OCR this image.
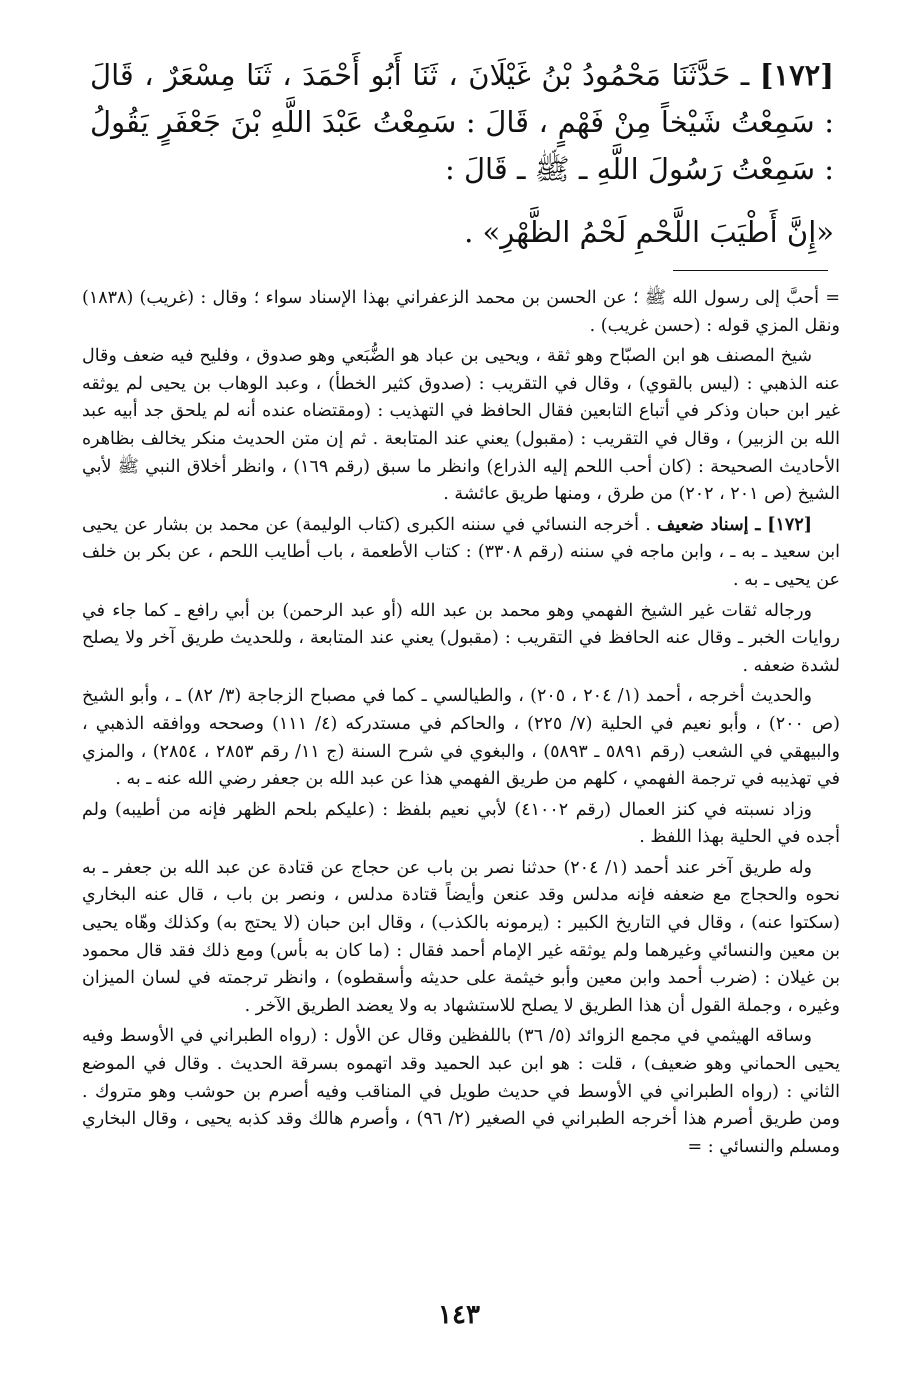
[١٧٢] ـ حَدَّثَنَا مَحْمُودُ بْنُ غَيْلَانَ ، ثَنَا أَبُو أَحْمَدَ ، ثَنَا مِسْعَرٌ ، قَالَ : سَمِعْتُ شَيْخاً مِنْ فَهْمٍ ، قَالَ : سَمِعْتُ عَبْدَ اللَّهِ بْنَ جَعْفَرٍ يَقُولُ : سَمِعْتُ رَسُولَ اللَّهِ ـ ﷺ ـ قَالَ :

«إِنَّ أَطْيَبَ اللَّحْمِ لَحْمُ الظَّهْرِ» .

= أحبَّ إلى رسول الله ﷺ ؛ عن الحسن بن محمد الزعفراني بهذا الإسناد سواء ؛ وقال : (غريب) (١٨٣٨) ونقل المزي قوله : (حسن غريب) .

شيخ المصنف هو ابن الصبّاح وهو ثقة ، ويحيى بن عباد هو الضُّبَعي وهو صدوق ، وفليح فيه ضعف وقال عنه الذهبي : (ليس بالقوي) ، وقال في التقريب : (صدوق كثير الخطأ) ، وعبد الوهاب بن يحيى لم يوثقه غير ابن حبان وذكر في أتباع التابعين فقال الحافظ في التهذيب : (ومقتضاه عنده أنه لم يلحق جد أبيه عبد الله بن الزبير) ، وقال في التقريب : (مقبول) يعني عند المتابعة . ثم إن متن الحديث منكر يخالف بظاهره الأحاديث الصحيحة : (كان أحب اللحم إليه الذراع) وانظر ما سبق (رقم ١٦٩) ، وانظر أخلاق النبي ﷺ لأبي الشيخ (ص ٢٠١ ، ٢٠٢) من طرق ، ومنها طريق عائشة .

[١٧٢] ـ إسناد ضعيف . أخرجه النسائي في سننه الكبرى (كتاب الوليمة) عن محمد بن بشار عن يحيى ابن سعيد ـ به ـ ، وابن ماجه في سننه (رقم ٣٣٠٨) : كتاب الأطعمة ، باب أطايب اللحم ، عن بكر بن خلف عن يحيى ـ به .

ورجاله ثقات غير الشيخ الفهمي وهو محمد بن عبد الله (أو عبد الرحمن) بن أبي رافع ـ كما جاء في روايات الخبر ـ وقال عنه الحافظ في التقريب : (مقبول) يعني عند المتابعة ، وللحديث طريق آخر ولا يصلح لشدة ضعفه .

والحديث أخرجه ، أحمد (١/ ٢٠٤ ، ٢٠٥) ، والطيالسي ـ كما في مصباح الزجاجة (٣/ ٨٢) ـ ، وأبو الشيخ (ص ٢٠٠) ، وأبو نعيم في الحلية (٧/ ٢٢٥) ، والحاكم في مستدركه (٤/ ١١١) وصححه ووافقه الذهبي ، والبيهقي في الشعب (رقم ٥٨٩١ ـ ٥٨٩٣) ، والبغوي في شرح السنة (ج ١١/ رقم ٢٨٥٣ ، ٢٨٥٤) ، والمزي في تهذيبه في ترجمة الفهمي ، كلهم من طريق الفهمي هذا عن عبد الله بن جعفر رضي الله عنه ـ به .

وزاد نسبته في كنز العمال (رقم ٤١٠٠٢) لأبي نعيم بلفظ : (عليكم بلحم الظهر فإنه من أطيبه) ولم أجده في الحلية بهذا اللفظ .

وله طريق آخر عند أحمد (١/ ٢٠٤) حدثنا نصر بن باب عن حجاج عن قتادة عن عبد الله بن جعفر ـ به نحوه والحجاج مع ضعفه فإنه مدلس وقد عنعن وأيضاً قتادة مدلس ، ونصر بن باب ، قال عنه البخاري (سكتوا عنه) ، وقال في التاريخ الكبير : (يرمونه بالكذب) ، وقال ابن حبان (لا يحتج به) وكذلك وهّاه يحيى بن معين والنسائي وغيرهما ولم يوثقه غير الإمام أحمد فقال : (ما كان به بأس) ومع ذلك فقد قال محمود بن غيلان : (ضرب أحمد وابن معين وأبو خيثمة على حديثه وأسقطوه) ، وانظر ترجمته في لسان الميزان وغيره ، وجملة القول أن هذا الطريق لا يصلح للاستشهاد به ولا يعضد الطريق الآخر .

وساقه الهيثمي في مجمع الزوائد (٥/ ٣٦) باللفظين وقال عن الأول : (رواه الطبراني في الأوسط وفيه يحيى الحماني وهو ضعيف) ، قلت : هو ابن عبد الحميد وقد اتهموه بسرقة الحديث . وقال في الموضع الثاني : (رواه الطبراني في الأوسط في حديث طويل في المناقب وفيه أصرم بن حوشب وهو متروك . ومن طريق أصرم هذا أخرجه الطبراني في الصغير (٢/ ٩٦) ، وأصرم هالك وقد كذبه يحيى ، وقال البخاري ومسلم والنسائي : =

١٤٣
